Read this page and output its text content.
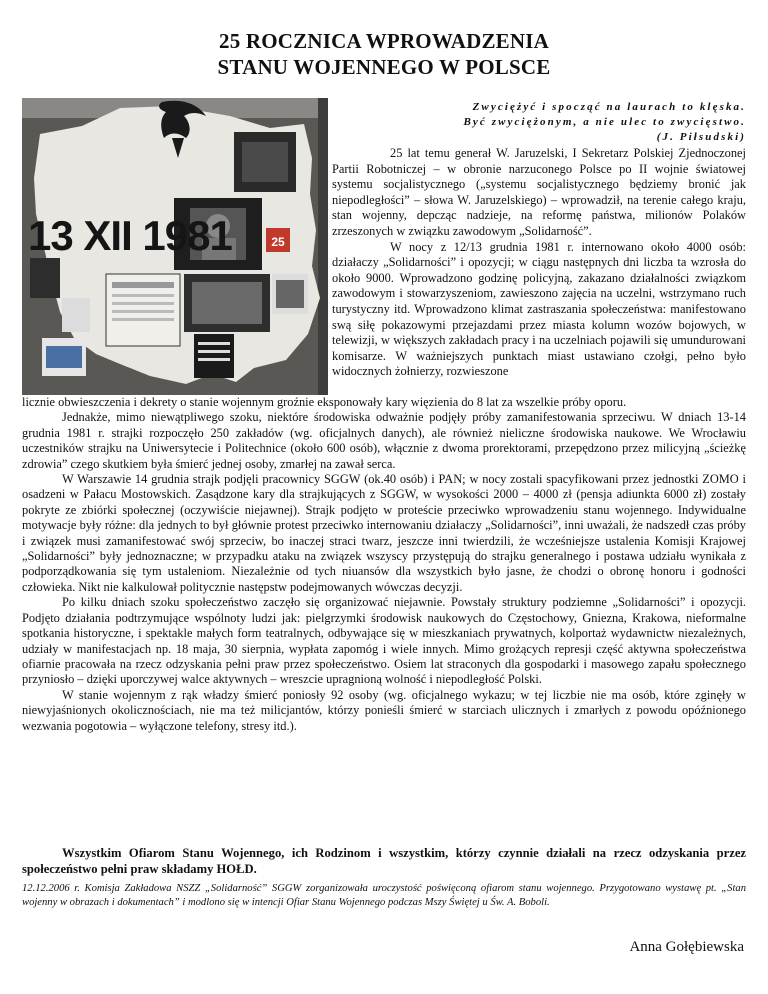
25 ROCZNICA WPROWADZENIA
STANU WOJENNEGO W POLSCE
25
13 XII 1981
Zwyciężyć i spocząć na laurach to klęska.
Być zwyciężonym, a nie ulec to zwycięstwo.
(J. Piłsudski)

25 lat temu generał W. Jaruzelski, I Sekretarz Polskiej Zjednoczonej Partii Robotniczej – w obronie narzuconego Polsce po II wojnie światowej systemu socjalistycznego („systemu socjalistycznego będziemy bronić jak niepodległości” – słowa W. Jaruzelskiego) – wprowadził, na terenie całego kraju, stan wojenny, depcząc nadzieje, na reformę państwa, milionów Polaków zrzeszonych w związku zawodowym „Solidarność”.

W nocy z 12/13 grudnia 1981 r. internowano około 4000 osób: działaczy „Solidarności” i opozycji; w ciągu następnych dni liczba ta wzrosła do około 9000. Wprowadzono godzinę policyjną, zakazano działalności związkom zawodowym i stowarzyszeniom, zawieszono zajęcia na uczelni, wstrzymano ruch turystyczny itd. Wprowadzono klimat zastraszania społeczeństwa: manifestowano swą siłę pokazowymi przejazdami przez miasta kolumn wozów bojowych, w telewizji, w większych zakładach pracy i na uczelniach pojawili się umundurowani komisarze. W ważniejszych punktach miast ustawiano czołgi, pełno było widocznych żołnierzy, rozwieszone

licznie obwieszczenia i dekrety o stanie wojennym groźnie eksponowały kary więzienia do 8 lat za wszelkie próby oporu.

Jednakże, mimo niewątpliwego szoku, niektóre środowiska odważnie podjęły próby zamanifestowania sprzeciwu. W dniach 13-14 grudnia 1981 r. strajki rozpoczęło 250 zakładów (wg. oficjalnych danych), ale również nieliczne środowiska naukowe. We Wrocławiu uczestników strajku na Uniwersytecie i Politechnice (około 600 osób), włącznie z dwoma prorektorami, przepędzono przez milicyjną „ścieżkę zdrowia” czego skutkiem była śmierć jednej osoby, zmarłej na zawał serca.

W Warszawie 14 grudnia strajk podjęli pracownicy SGGW (ok.40 osób) i PAN; w nocy zostali spacyfikowani przez jednostki ZOMO i osadzeni w Pałacu Mostowskich. Zasądzone kary dla strajkujących z SGGW, w wysokości 2000 – 4000 zł (pensja adiunkta 6000 zł) zostały pokryte ze zbiórki społecznej (oczywiście niejawnej). Strajk podjęto w proteście przeciwko wprowadzeniu stanu wojennego. Indywidualne motywacje były różne: dla jednych to był głównie protest przeciwko internowaniu działaczy „Solidarności”, inni uważali, że nadszedł czas próby i związek musi zamanifestować swój sprzeciw, bo inaczej straci twarz, jeszcze inni twierdzili, że wcześniejsze ustalenia Komisji Krajowej „Solidarności” były jednoznaczne; w przypadku ataku na związek wszyscy przystępują do strajku generalnego i postawa udziału wynikała z podporządkowania się tym ustaleniom. Niezależnie od tych niuansów dla wszystkich było jasne, że chodzi o obronę honoru i godności człowieka. Nikt nie kalkulował politycznie następstw podejmowanych wówczas decyzji.

Po kilku dniach szoku społeczeństwo zaczęło się organizować niejawnie. Powstały struktury podziemne „Solidarności” i opozycji. Podjęto działania podtrzymujące wspólnoty ludzi jak: pielgrzymki środowisk naukowych do Częstochowy, Gniezna, Krakowa, nieformalne spotkania historyczne, i spektakle małych form teatralnych, odbywające się w mieszkaniach prywatnych, kolportaż wydawnictw niezależnych, udziały w manifestacjach np. 18 maja, 30 sierpnia, wypłata zapomóg i wiele innych. Mimo grożących represji część aktywna społeczeństwa ofiarnie pracowała na rzecz odzyskania pełni praw przez społeczeństwo. Osiem lat straconych dla gospodarki i masowego zapału społecznego przyniosło – dzięki uporczywej walce aktywnych – wreszcie upragnioną wolność i niepodległość Polski.

W stanie wojennym z rąk władzy śmierć poniosły 92 osoby (wg. oficjalnego wykazu; w tej liczbie nie ma osób, które zginęły w niewyjaśnionych okolicznościach, nie ma też milicjantów, którzy ponieśli śmierć w starciach ulicznych i zmarłych z powodu opóźnionego wezwania pogotowia – wyłączone telefony, stresy itd.).

Wszystkim Ofiarom Stanu Wojennego, ich Rodzinom i wszystkim, którzy czynnie działali na rzecz odzyskania przez społeczeństwo pełni praw składamy HOŁD.
12.12.2006 r. Komisja Zakładowa NSZZ „Solidarność” SGGW zorganizowała uroczystość poświęconą ofiarom stanu wojennego. Przygotowano wystawę pt. „Stan wojenny w obrazach i dokumentach” i modlono się w intencji Ofiar Stanu Wojennego podczas Mszy Świętej u Św. A. Boboli.
Anna Gołębiewska
